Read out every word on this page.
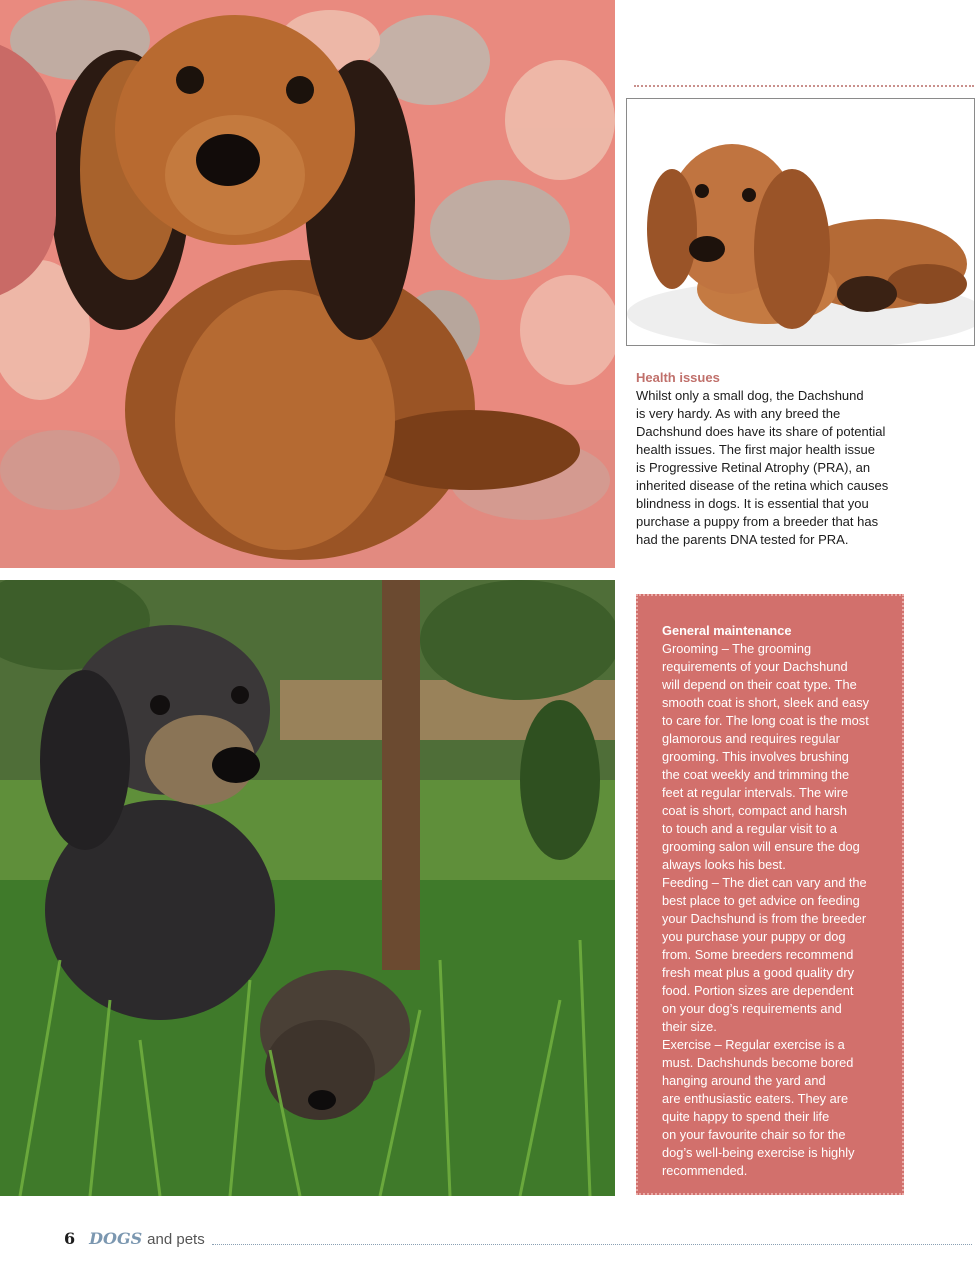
Health issues

Whilst only a small dog, the Dachshund
is very hardy. As with any breed the
Dachshund does have its share of potential
health issues. The first major health issue
is Progressive Retinal Atrophy (PRA), an
inherited disease of the retina which causes
blindness in dogs. It is essential that you
purchase a puppy from a breeder that has
had the parents DNA tested for PRA.

General maintenance

Grooming – The grooming
requirements of your Dachshund
will depend on their coat type. The
smooth coat is short, sleek and easy
to care for. The long coat is the most
glamorous and requires regular
grooming. This involves brushing
the coat weekly and trimming the
feet at regular intervals. The wire
coat is short, compact and harsh
to touch and a regular visit to a
grooming salon will ensure the dog
always looks his best.

Feeding – The diet can vary and the
best place to get advice on feeding
your Dachshund is from the breeder
you purchase your puppy or dog
from. Some breeders recommend
fresh meat plus a good quality dry
food. Portion sizes are dependent
on your dog’s requirements and
their size.

Exercise – Regular exercise is a
must. Dachshunds become bored
hanging around the yard and
are enthusiastic eaters. They are
quite happy to spend their life
on your favourite chair so for the
dog’s well-being exercise is highly
recommended.

6 DOGS and pets
